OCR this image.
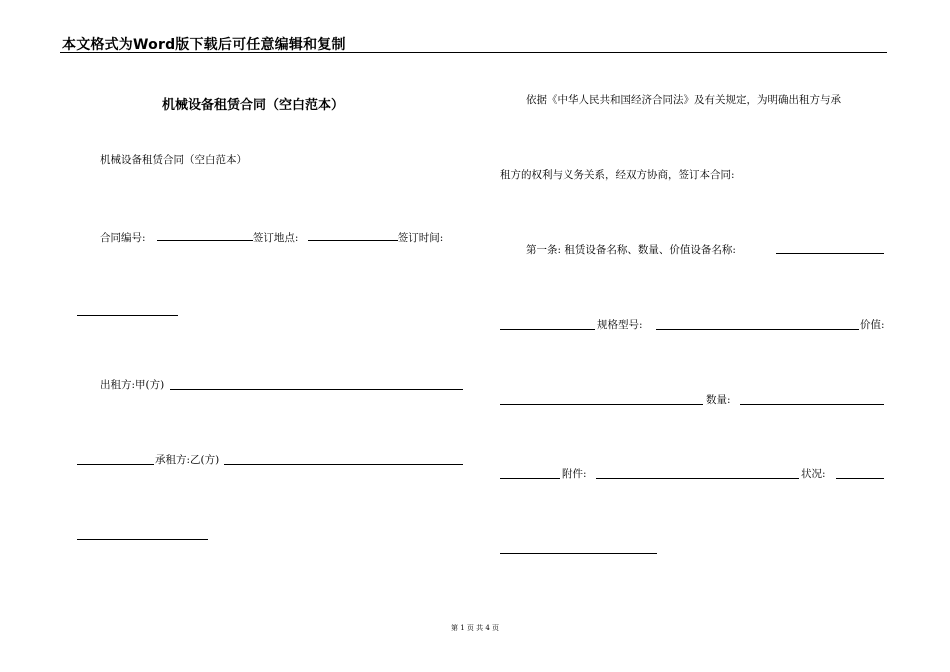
本文格式为Word版下载后可任意编辑和复制
机械设备租赁合同（空白范本）
机械设备租赁合同（空白范本）
合同编号:	签订地点:	签订时间:
出租方:甲(方)
承租方:乙(方)
依据《中华人民共和国经济合同法》及有关规定，为明确出租方与承
租方的权利与义务关系，经双方协商，签订本合同:
第一条: 租赁设备名称、数量、价值设备名称:
规格型号:	价值:
数量:
附件:	状况:
第 1 页 共 4 页
